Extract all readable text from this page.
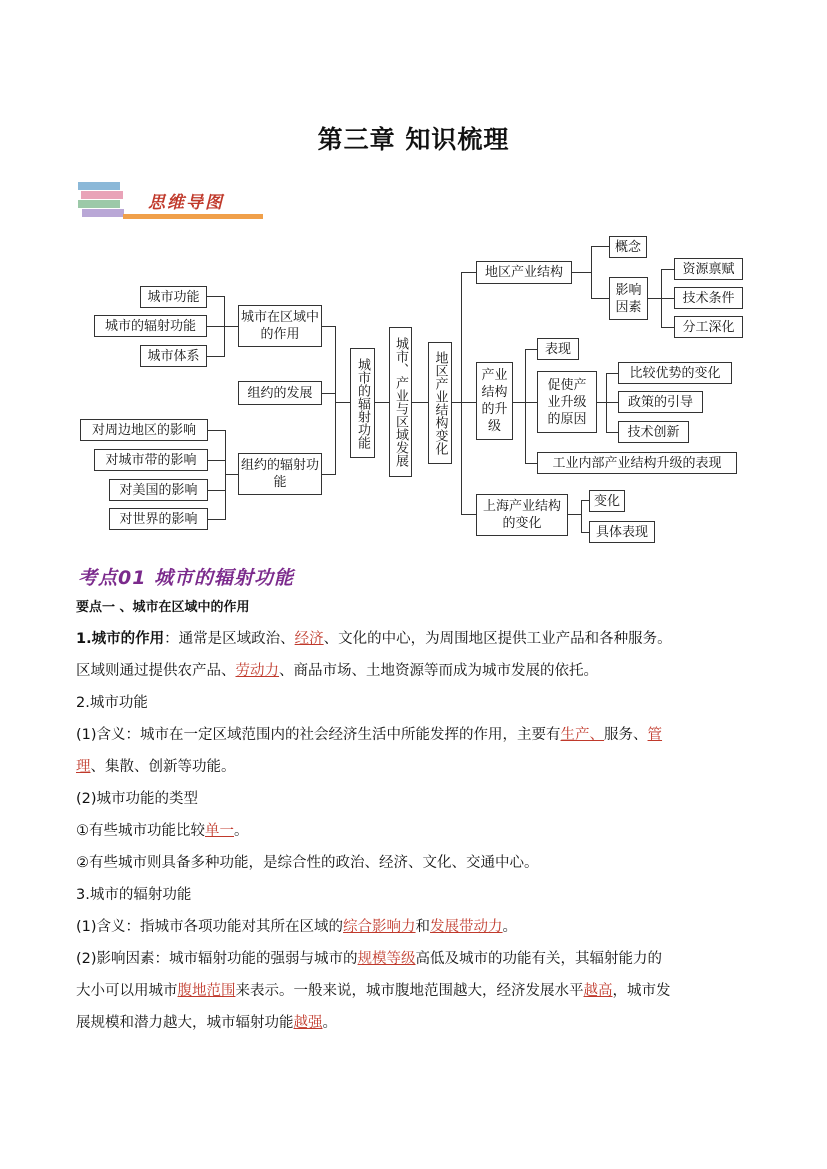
第三章 知识梳理
思维导图
城市功能
城市的辐射功能
城市体系
城市在区域中的作用
组约的发展
对周边地区的影响
对城市带的影响
对美国的影响
对世界的影响
组约的辐射功能
城市的辐射功能	城市、产业与区域发展	地区产业结构变化
地区产业结构
概念
影响因素
资源禀赋
技术条件
分工深化
产业结构的升级
表现
促使产业升级的原因
比较优势的变化
政策的引导
技术创新
工业内部产业结构升级的表现
上海产业结构的变化
变化
具体表现
考点01 城市的辐射功能
要点一 、城市在区域中的作用
1.城市的作用：通常是区域政治、经济、文化的中心，为周围地区提供工业产品和各种服务。
区域则通过提供农产品、劳动力、商品市场、土地资源等而成为城市发展的依托。
2.城市功能
(1)含义：城市在一定区域范围内的社会经济生活中所能发挥的作用，主要有生产、服务、管
理、集散、创新等功能。
(2)城市功能的类型
①有些城市功能比较单一。
②有些城市则具备多种功能，是综合性的政治、经济、文化、交通中心。
3.城市的辐射功能
(1)含义：指城市各项功能对其所在区域的综合影响力和发展带动力。
(2)影响因素：城市辐射功能的强弱与城市的规模等级高低及城市的功能有关，其辐射能力的
大小可以用城市腹地范围来表示。一般来说，城市腹地范围越大，经济发展水平越高，城市发
展规模和潜力越大，城市辐射功能越强。
